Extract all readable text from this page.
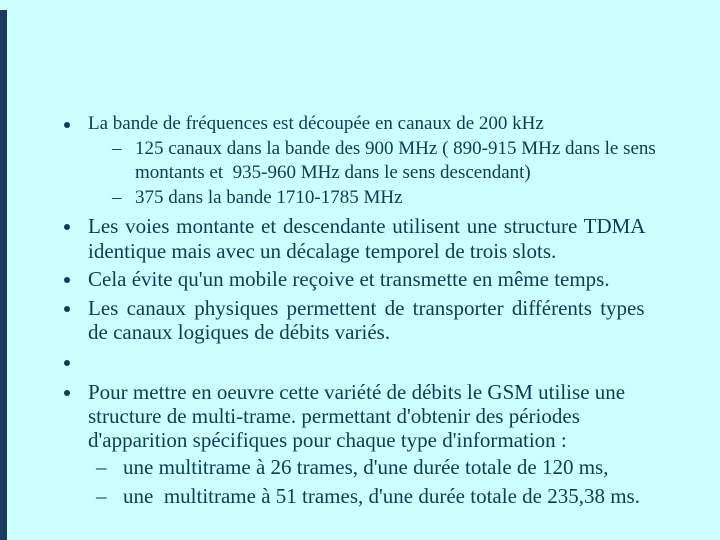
La bande de fréquences est découpée en canaux de 200 kHz

–

125 canaux dans la bande des 900 MHz ( 890-915 MHz dans le sens

montants et  935-960 MHz dans le sens descendant)

–

375 dans la bande 1710-1785 MHz

Les voies montante et descendante utilisent une structure TDMA

identique mais avec un décalage temporel de trois slots.

Cela évite qu'un mobile reçoive et transmette en même temps.

Les canaux physiques permettent de transporter différents types

de canaux logiques de débits variés.

Pour mettre en oeuvre cette variété de débits le GSM utilise une

structure de multi-trame. permettant d'obtenir des périodes

d'apparition spécifiques pour chaque type d'information :

–

une multitrame à 26 trames, d'une durée totale de 120 ms,

–

une  multitrame à 51 trames, d'une durée totale de 235,38 ms.
